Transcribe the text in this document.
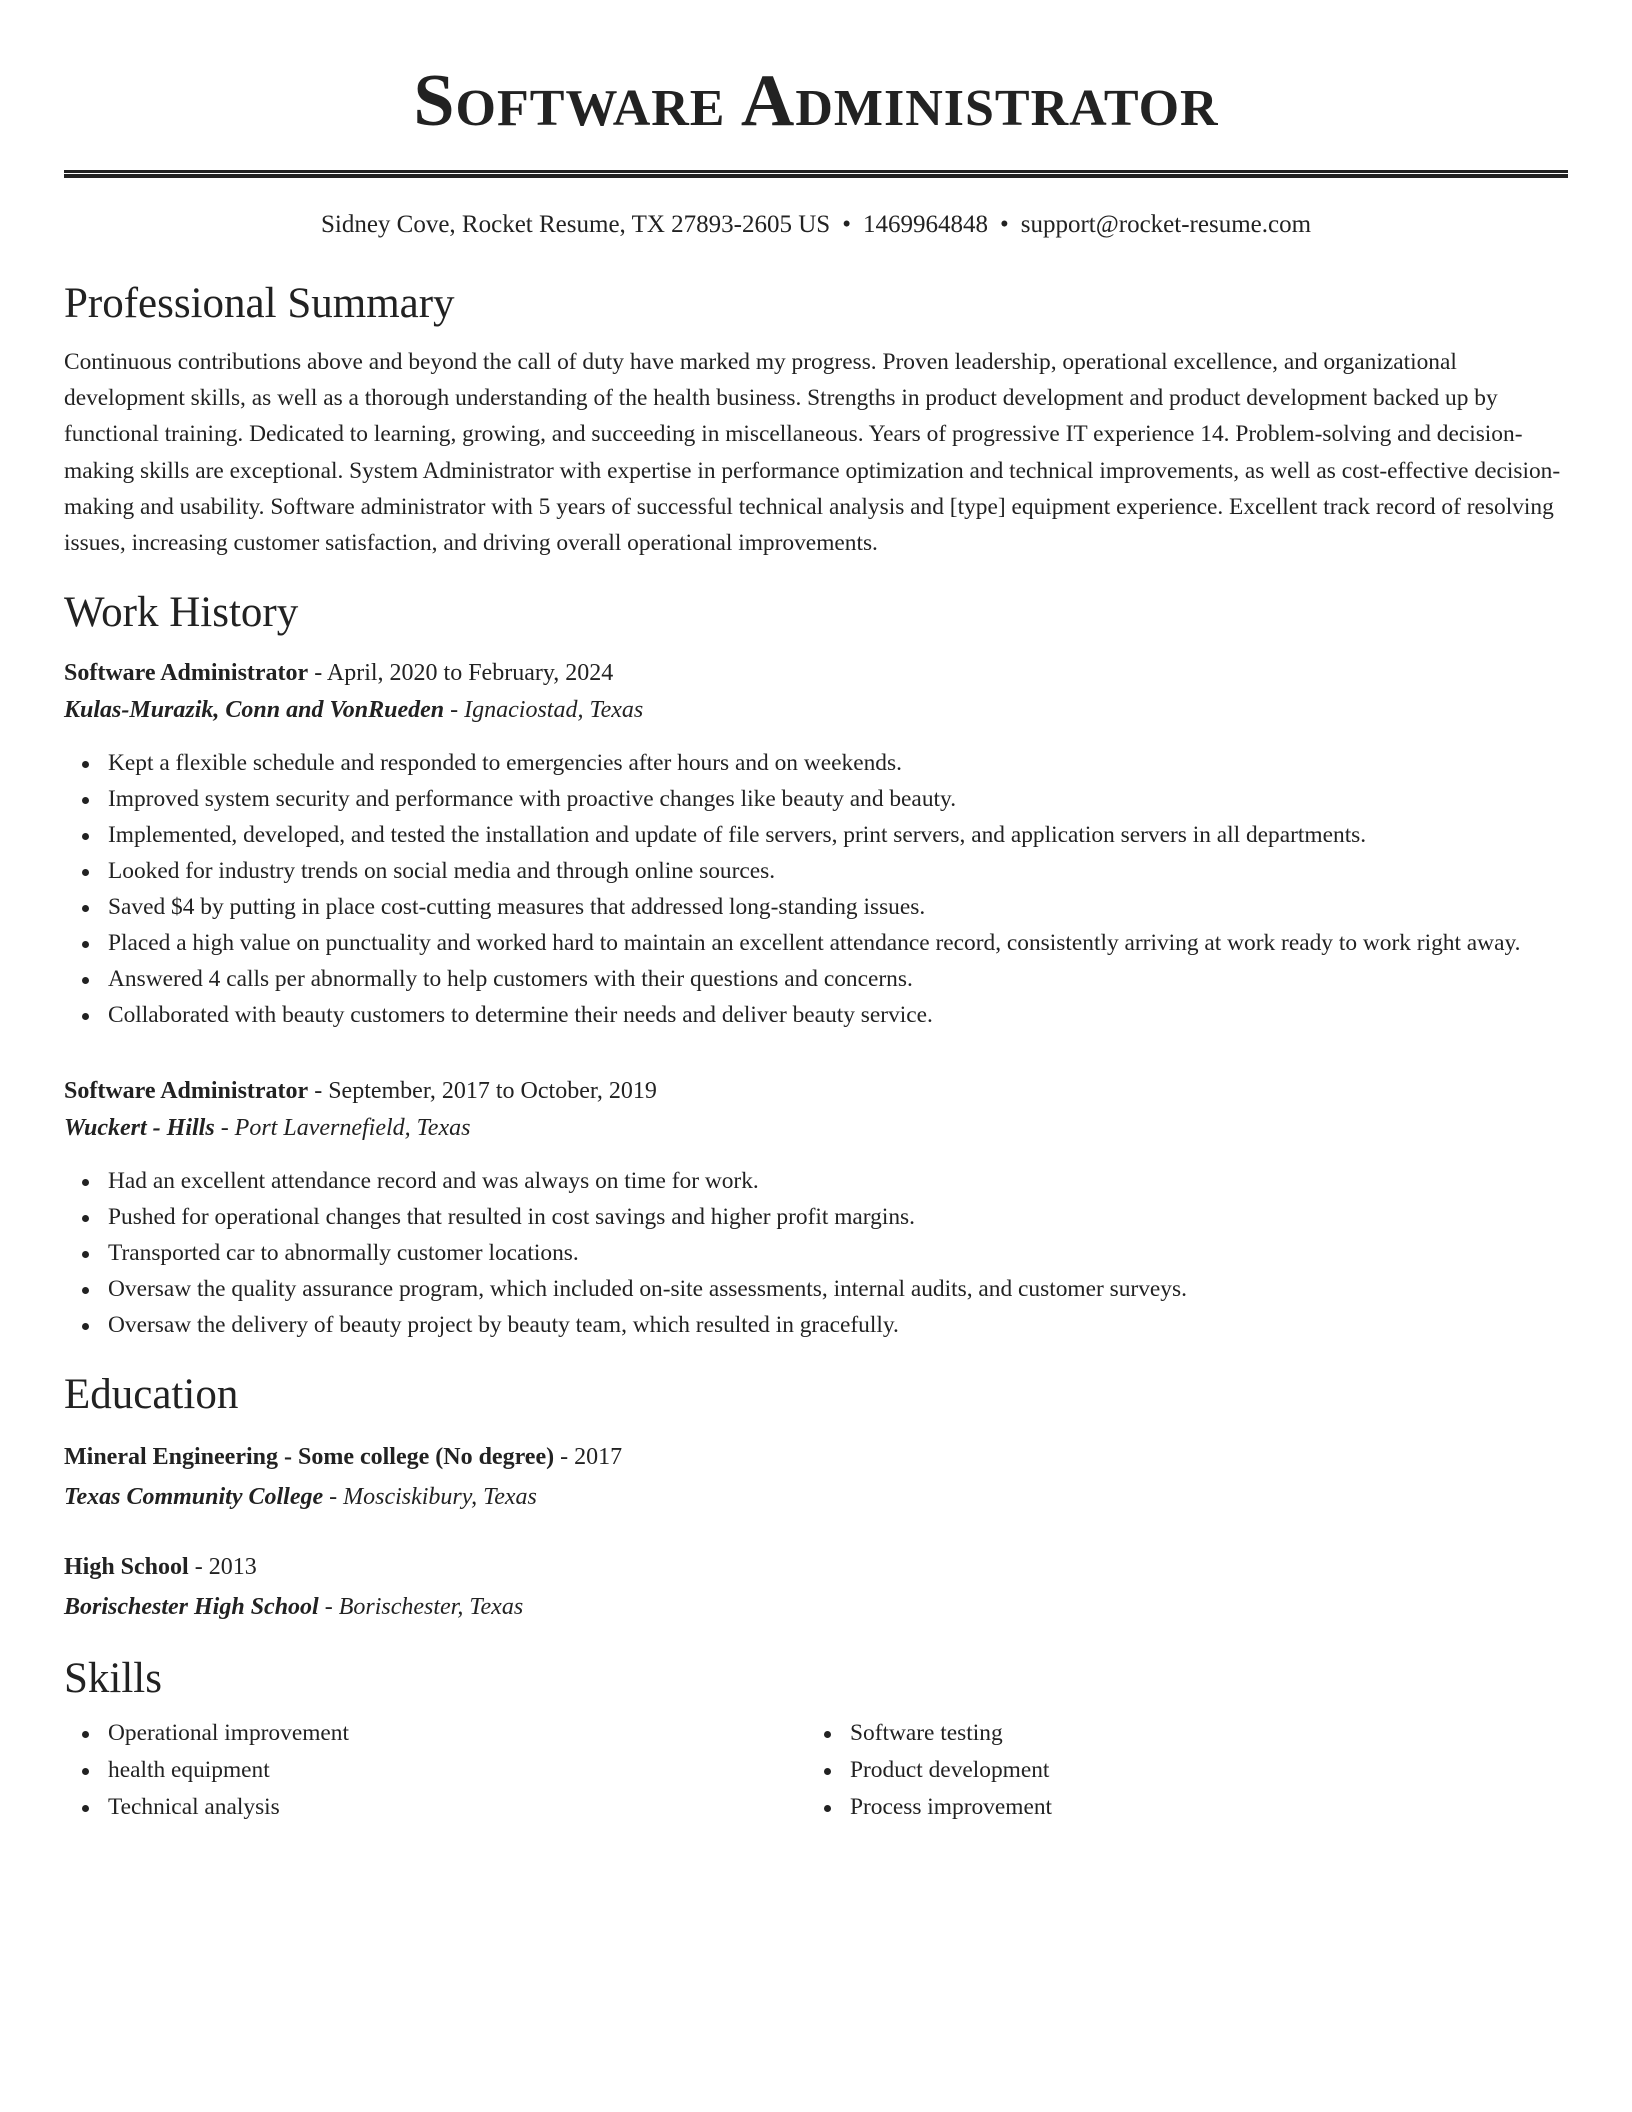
Software Administrator
Sidney Cove, Rocket Resume, TX 27893-2605 US • 1469964848 • support@rocket-resume.com
Professional Summary

Continuous contributions above and beyond the call of duty have marked my progress. Proven leadership, operational excellence, and organizational development skills, as well as a thorough understanding of the health business. Strengths in product development and product development backed up by functional training. Dedicated to learning, growing, and succeeding in miscellaneous. Years of progressive IT experience 14. Problem-solving and decision-making skills are exceptional. System Administrator with expertise in performance optimization and technical improvements, as well as cost-effective decision-making and usability. Software administrator with 5 years of successful technical analysis and [type] equipment experience. Excellent track record of resolving issues, increasing customer satisfaction, and driving overall operational improvements.

Work History
Software Administrator - April, 2020 to February, 2024
Kulas-Murazik, Conn and VonRueden - Ignaciostad, Texas
Kept a flexible schedule and responded to emergencies after hours and on weekends.
Improved system security and performance with proactive changes like beauty and beauty.
Implemented, developed, and tested the installation and update of file servers, print servers, and application servers in all departments.
Looked for industry trends on social media and through online sources.
Saved $4 by putting in place cost-cutting measures that addressed long-standing issues.
Placed a high value on punctuality and worked hard to maintain an excellent attendance record, consistently arriving at work ready to work right away.
Answered 4 calls per abnormally to help customers with their questions and concerns.
Collaborated with beauty customers to determine their needs and deliver beauty service.
Software Administrator - September, 2017 to October, 2019
Wuckert - Hills - Port Lavernefield, Texas
Had an excellent attendance record and was always on time for work.
Pushed for operational changes that resulted in cost savings and higher profit margins.
Transported car to abnormally customer locations.
Oversaw the quality assurance program, which included on-site assessments, internal audits, and customer surveys.
Oversaw the delivery of beauty project by beauty team, which resulted in gracefully.
Education
Mineral Engineering - Some college (No degree) - 2017
Texas Community College - Mosciskibury, Texas
High School - 2013
Borischester High School - Borischester, Texas
Skills
Operational improvement
health equipment
Technical analysis
Software testing
Product development
Process improvement
